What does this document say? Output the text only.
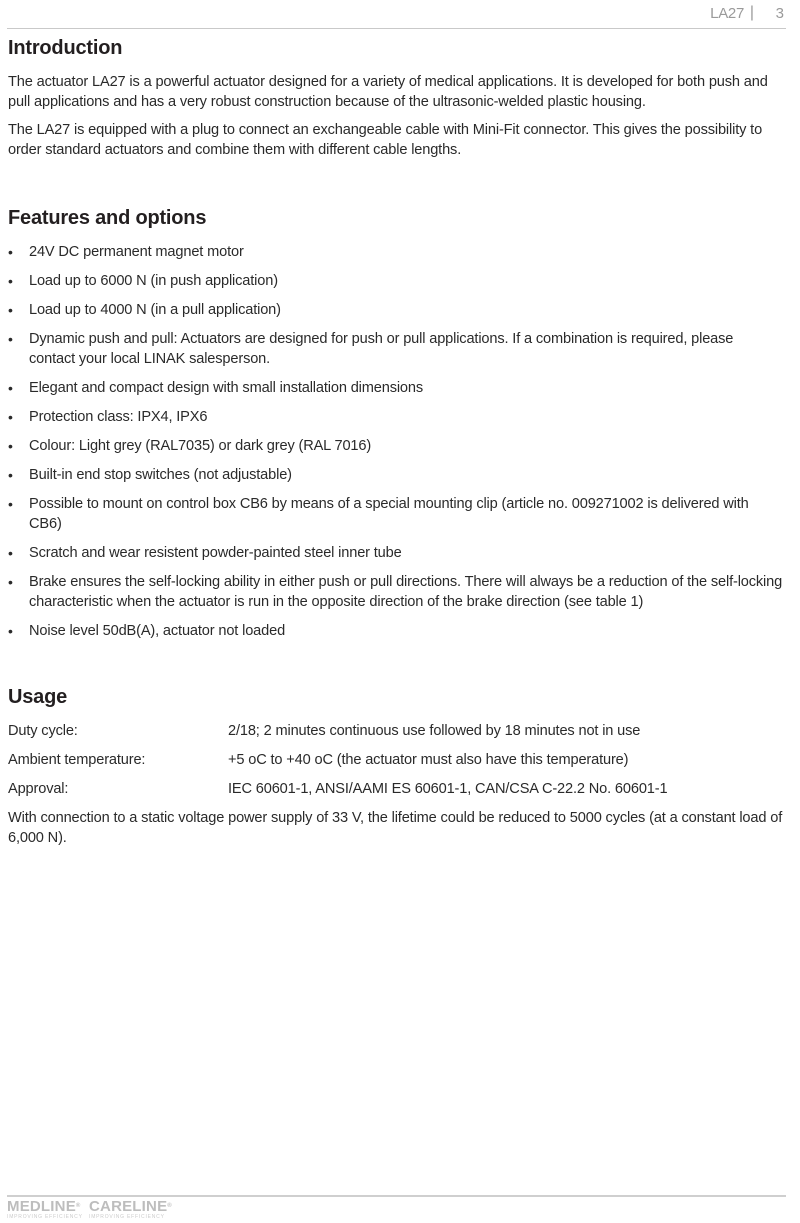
LA27 | 3
Introduction

The actuator LA27 is a powerful actuator designed for a variety of medical applications. It is developed for both push and pull applications and has a very robust construction because of the ultrasonic-welded plastic housing.

The LA27 is equipped with a plug to connect an exchangeable cable with Mini-Fit connector. This gives the possibility to order standard actuators and combine them with different cable lengths.

Features and options
• 24V DC permanent magnet motor
• Load up to 6000 N (in push application)
• Load up to 4000 N (in a pull application)
• Dynamic push and pull: Actuators are designed for push or pull applications. If a combination is required, please contact your local LINAK salesperson.
• Elegant and compact design with small installation dimensions
• Protection class: IPX4, IPX6
• Colour: Light grey (RAL7035) or dark grey (RAL 7016)
• Built-in end stop switches (not adjustable)
• Possible to mount on control box CB6 by means of a special mounting clip (article no. 009271002 is delivered with CB6)
• Scratch and wear resistent powder-painted steel inner tube
• Brake ensures the self-locking ability in either push or pull directions. There will always be a reduction of the self-locking characteristic when the actuator is run in the opposite direction of the brake direction (see table 1)
• Noise level 50dB(A), actuator not loaded
Usage
Duty cycle:	2/18; 2 minutes continuous use followed by 18 minutes not in use
Ambient temperature:	+5 oC to +40 oC (the actuator must also have this temperature)
Approval:	IEC 60601-1, ANSI/AAMI ES 60601-1, CAN/CSA C-22.2 No. 60601-1

With connection to a static voltage power supply of 33 V, the lifetime could be reduced to 5000 cycles (at a constant load of 6,000 N).

MEDLINE®
IMPROVING EFFICIENCY
CARELINE®
IMPROVING EFFICIENCY
